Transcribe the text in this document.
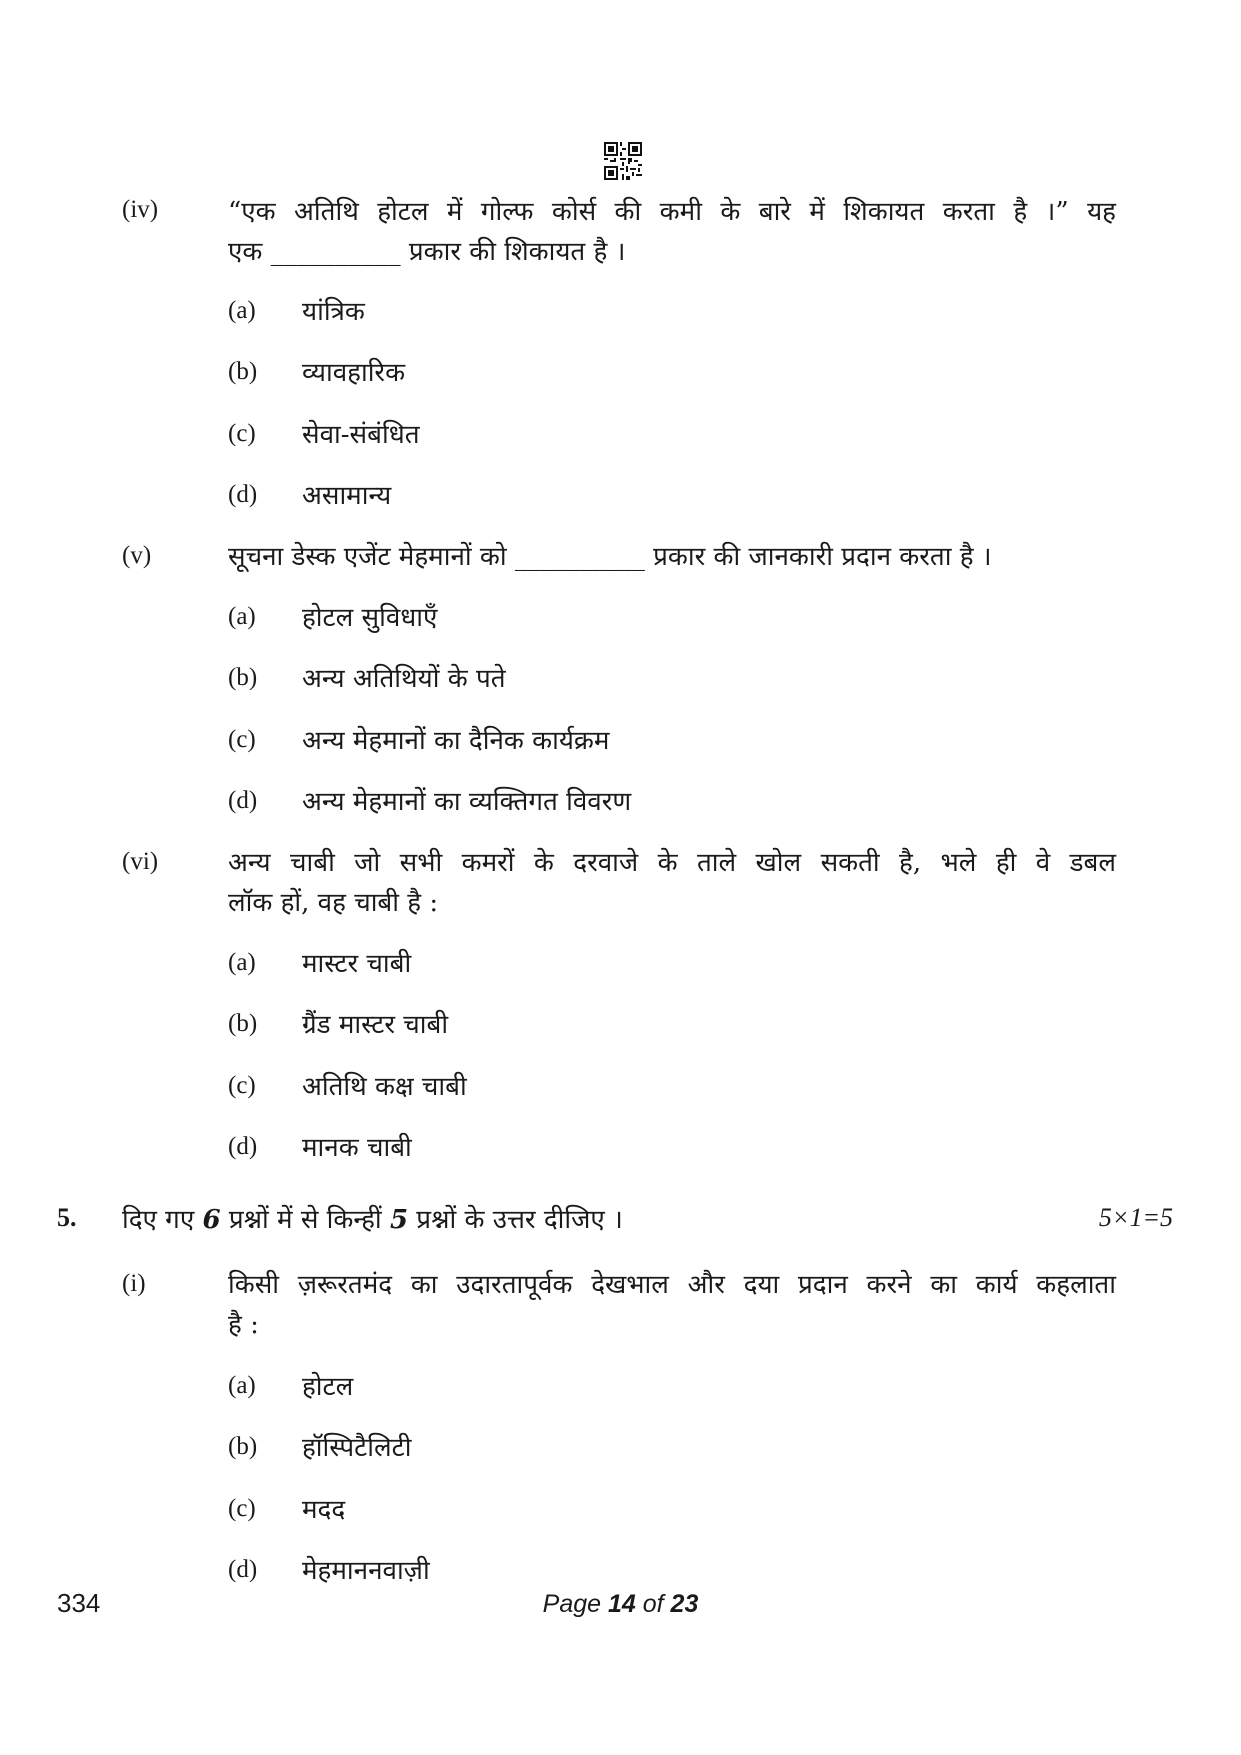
(iv)	“एक अतिथि होटल में गोल्फ कोर्स की कमी के बारे में शिकायत करता है ।” यह
एक __________ प्रकार की शिकायत है ।
(a) यांत्रिक
(b) व्यावहारिक
(c) सेवा-संबंधित
(d) असामान्य
(v)	सूचना डेस्क एजेंट मेहमानों को __________ प्रकार की जानकारी प्रदान करता है ।
(a) होटल सुविधाएँ
(b) अन्य अतिथियों के पते
(c) अन्य मेहमानों का दैनिक कार्यक्रम
(d) अन्य मेहमानों का व्यक्तिगत विवरण
(vi)	अन्य चाबी जो सभी कमरों के दरवाजे के ताले खोल सकती है, भले ही वे डबल
लॉक हों, वह चाबी है :
(a) मास्टर चाबी
(b) ग्रैंड मास्टर चाबी
(c) अतिथि कक्ष चाबी
(d) मानक चाबी
5. दिए गए 6 प्रश्नों में से किन्हीं 5 प्रश्नों के उत्तर दीजिए ।	5×1=5
(i)	किसी ज़रूरतमंद का उदारतापूर्वक देखभाल और दया प्रदान करने का कार्य कहलाता
है :
(a) होटल
(b) हॉस्पिटैलिटी
(c) मदद
(d) मेहमाननवाज़ी
334	Page 14 of 23
